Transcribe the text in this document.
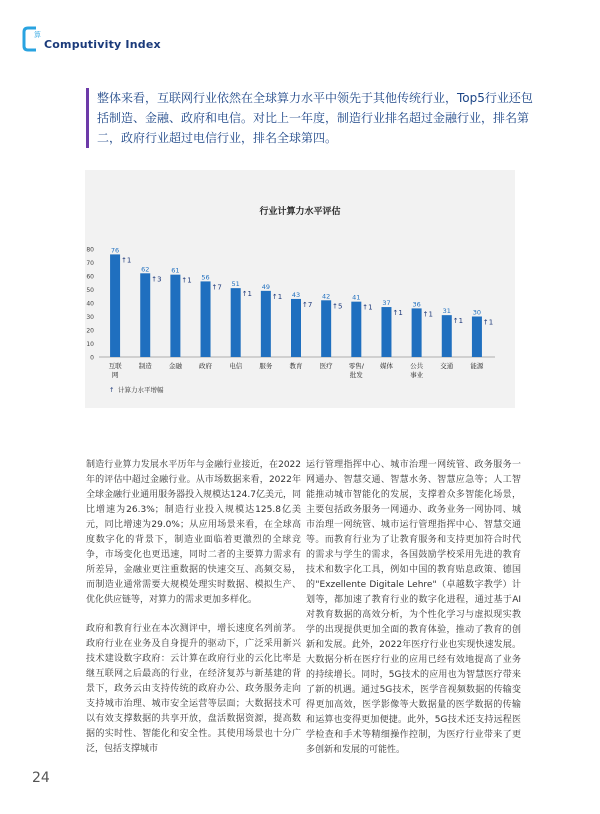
算
Computivity Index
整体来看，互联网行业依然在全球算力水平中领先于其他传统行业，Top5行业还包括制造、金融、政府和电信。对比上一年度，制造行业排名超过金融行业，排名第二，政府行业超过电信行业，排名全球第四。
行业计算力水平评估
0
10
20
30
40
50
60
70
80	76
↑1
互联
网
62
↑3
制造
61
↑1
金融
56
↑7
政府
51
↑1
电信
49
↑1
服务
43
↑7
教育
42
↑5
医疗
41
↑1
零售/
批发
37
↑1
媒体
36
↑1
公共
事业
31
↑1
交通
30
↑1
能源
↑ 计算力水平增幅

制造行业算力发展水平历年与金融行业接近，在2022年的评估中超过金融行业。从市场数据来看，2022年全球金融行业通用服务器投入规模达124.7亿美元，同比增速为26.3%；制造行业投入规模达125.8亿美元，同比增速为29.0%；从应用场景来看，在全球高度数字化的背景下，制造业面临着更激烈的全球竞争，市场变化也更迅速，同时二者的主要算力需求有所差异，金融业更注重数据的快速交互、高频交易，而制造业通常需要大规模处理实时数据、模拟生产、优化供应链等，对算力的需求更加多样化。

政府和教育行业在本次测评中，增长速度名列前茅。政府行业在业务及自身提升的驱动下，广泛采用新兴技术建设数字政府：云计算在政府行业的云化比率是继互联网之后最高的行业，在经济复苏与新基建的背景下，政务云由支持传统的政府办公、政务服务走向支持城市治理、城市安全运营等层面；大数据技术可以有效支撑数据的共享开放，盘活数据资源，提高数据的实时性、智能化和安全性。其使用场景也十分广泛，包括支撑城市

运行管理指挥中心、城市治理一网统管、政务服务一网通办、智慧交通、智慧水务、智慧应急等；人工智能推动城市智能化的发展，支撑着众多智能化场景，主要包括政务服务一网通办、政务业务一网协同、城市治理一网统管、城市运行管理指挥中心、智慧交通等。而教育行业为了让教育服务和支持更加符合时代的需求与学生的需求，各国鼓励学校采用先进的教育技术和数字化工具，例如中国的教育贴息政策、德国的"Exzellente Digitale Lehre"（卓越数字教学）计划等，都加速了教育行业的数字化进程，通过基于AI对教育数据的高效分析，为个性化学习与虚拟现实教学的出现提供更加全面的教育体验，推动了教育的创新和发展。此外，2022年医疗行业也实现快速发展。大数据分析在医疗行业的应用已经有效地提高了业务的持续增长。同时，5G技术的应用也为智慧医疗带来了新的机遇。通过5G技术，医学音视频数据的传输变得更加高效，医学影像等大数据量的医学数据的传输和运算也变得更加便捷。此外，5G技术还支持远程医学检查和手术等精细操作控制，为医疗行业带来了更多创新和发展的可能性。

24
